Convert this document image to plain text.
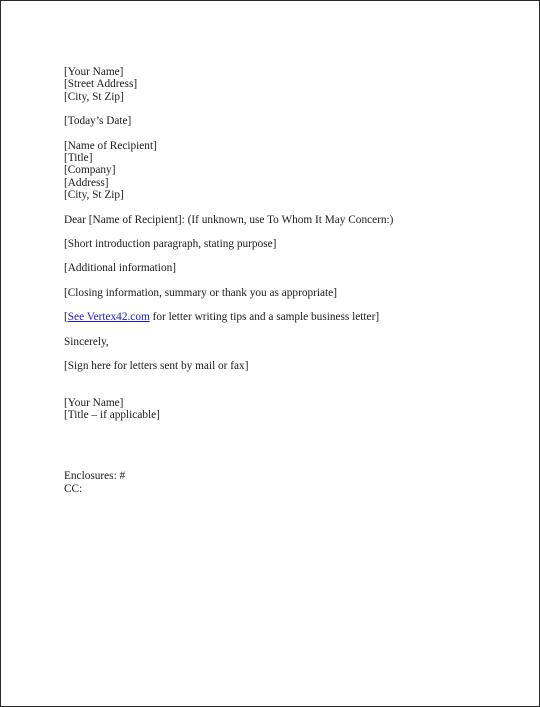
[Your Name]
[Street Address]
[City, St Zip]
[Today’s Date]
[Name of Recipient]
[Title]
[Company]
[Address]
[City, St Zip]
Dear [Name of Recipient]: (If unknown, use To Whom It May Concern:)
[Short introduction paragraph, stating purpose]
[Additional information]
[Closing information, summary or thank you as appropriate]
[See Vertex42.com for letter writing tips and a sample business letter]
Sincerely,
[Sign here for letters sent by mail or fax]
[Your Name]
[Title – if applicable]
Enclosures: #
CC:
